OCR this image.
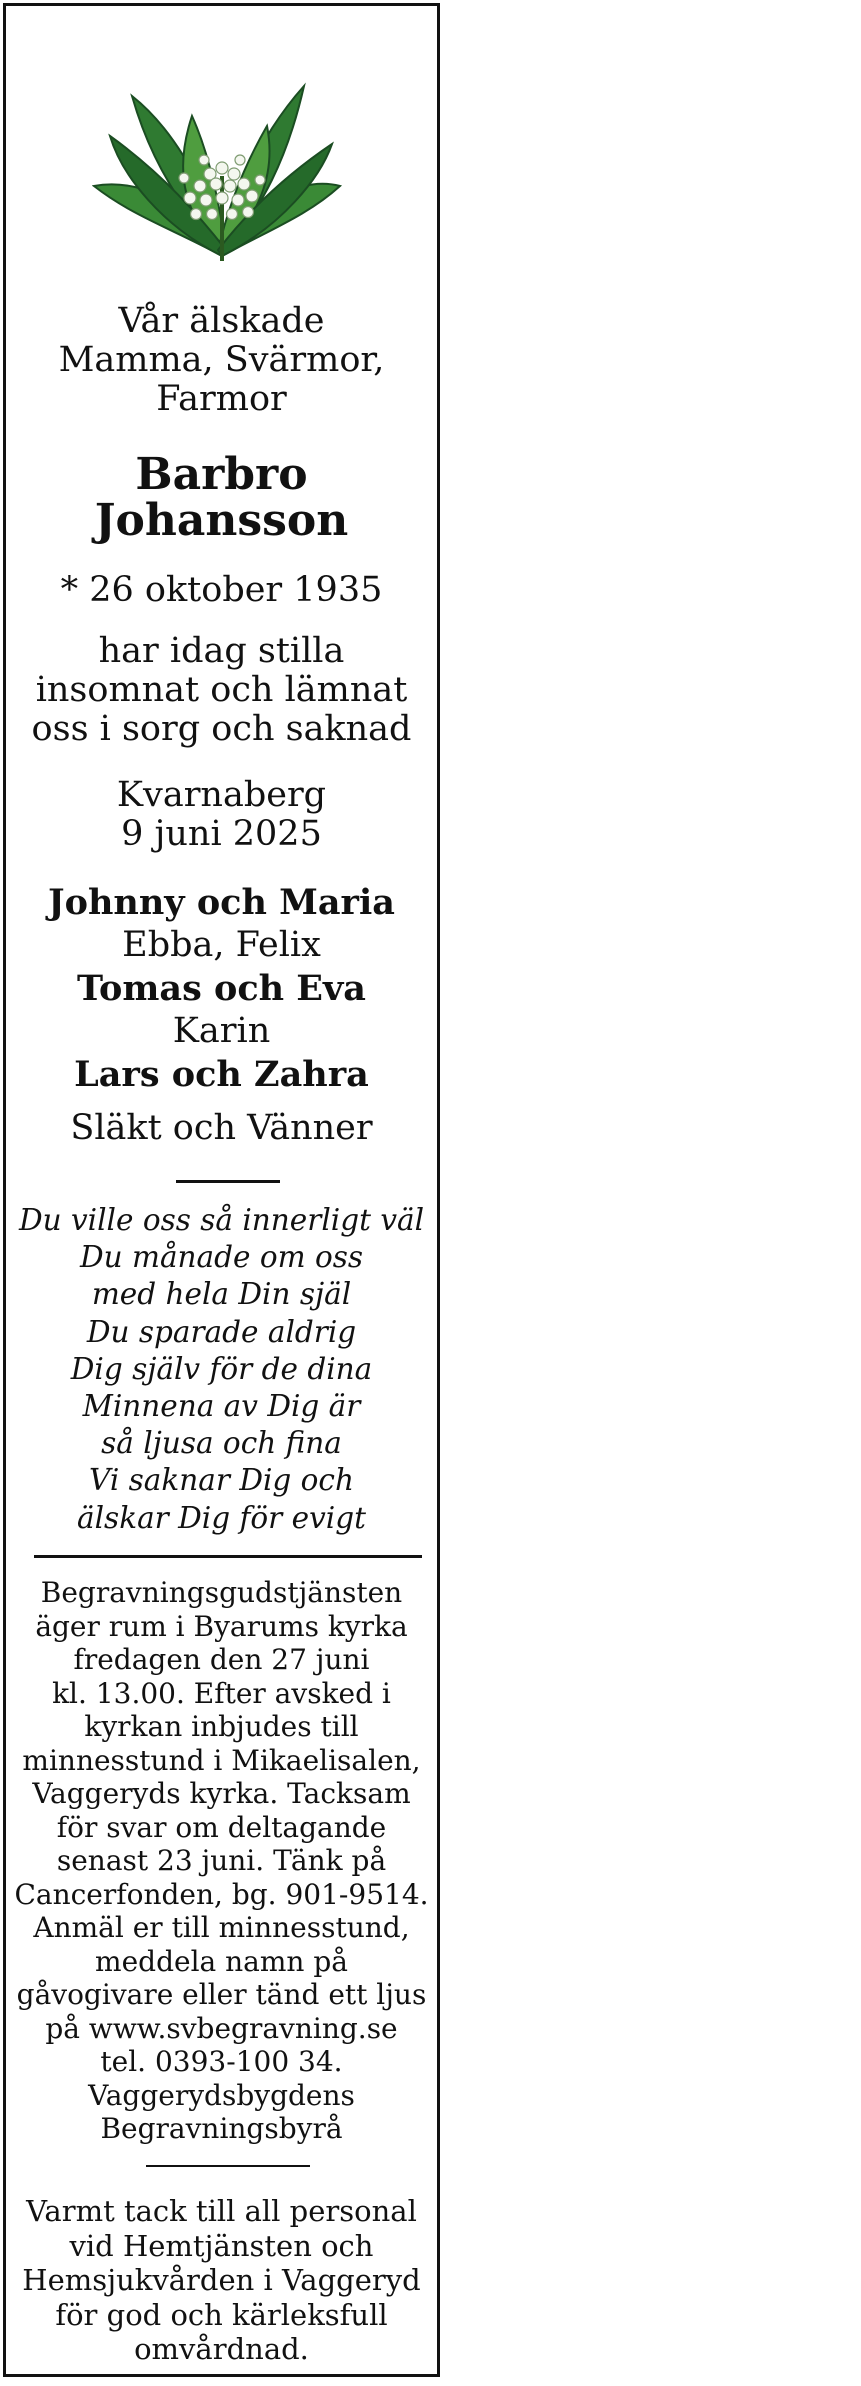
Vår älskade
Mamma, Svärmor,
Farmor
Barbro
Johansson
* 26 oktober 1935
har idag stilla
insomnat och lämnat
oss i sorg och saknad
Kvarnaberg
9 juni 2025
Johnny och Maria
Ebba, Felix
Tomas och Eva
Karin
Lars och Zahra
Släkt och Vänner
Du ville oss så innerligt väl
Du månade om oss
med hela Din själ
Du sparade aldrig
Dig själv för de dina
Minnena av Dig är
så ljusa och fina
Vi saknar Dig och
älskar Dig för evigt
Begravningsgudstjänsten
äger rum i Byarums kyrka
fredagen den 27 juni
kl. 13.00. Efter avsked i
kyrkan inbjudes till
minnesstund i Mikaelisalen,
Vaggeryds kyrka. Tacksam
för svar om deltagande
senast 23 juni. Tänk på
Cancerfonden, bg. 901-9514.
Anmäl er till minnesstund,
meddela namn på
gåvogivare eller tänd ett ljus
på www.svbegravning.se
tel. 0393-100 34.
Vaggerydsbygdens
Begravningsbyrå
Varmt tack till all personal
vid Hemtjänsten och
Hemsjukvården i Vaggeryd
för god och kärleksfull
omvårdnad.
